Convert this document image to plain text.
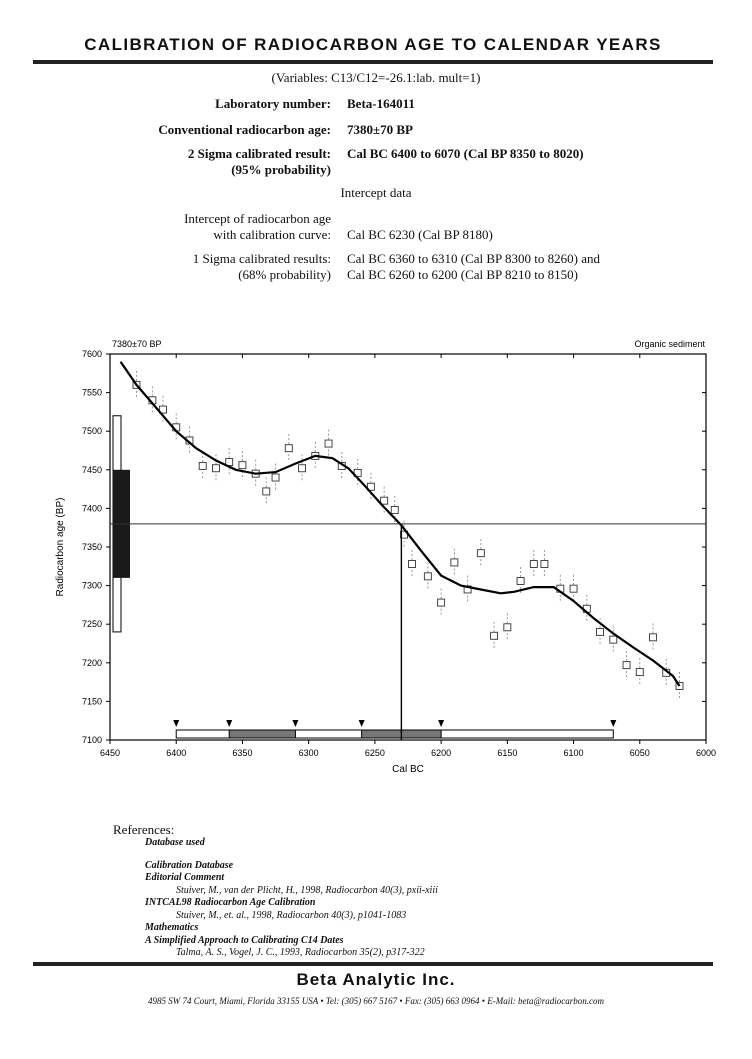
CALIBRATION OF RADIOCARBON AGE TO CALENDAR YEARS
(Variables: C13/C12=-26.1:lab. mult=1)
Laboratory number: Beta-164011
Conventional radiocarbon age: 7380±70 BP
2 Sigma calibrated result: Cal BC 6400 to 6070 (Cal BP 8350 to 8020)
(95% probability)
Intercept data
Intercept of radiocarbon age
with calibration curve: Cal BC 6230 (Cal BP 8180)
1 Sigma calibrated results: Cal BC 6360 to 6310 (Cal BP 8300 to 8260) and
(68% probability) Cal BC 6260 to 6200 (Cal BP 8210 to 8150)
7380±70 BP	Organic sediment
6450	6400	6350	6300	6250	6200	6150	6100	6050	6000
7100
7150
7200
7250
7300
7350
7400
7450
7500
7550
7600
Cal BC
Radiocarbon age (BP)
References:
Database used
Calibration Database
Editorial Comment
Stuiver, M., van der Plicht, H., 1998, Radiocarbon 40(3), pxii-xiii
INTCAL98 Radiocarbon Age Calibration
Stuiver, M., et. al., 1998, Radiocarbon 40(3), p1041-1083
Mathematics
A Simplified Approach to Calibrating C14 Dates
Talma, A. S., Vogel, J. C., 1993, Radiocarbon 35(2), p317-322
Beta Analytic Inc.
4985 SW 74 Court, Miami, Florida 33155 USA • Tel: (305) 667 5167 • Fax: (305) 663 0964 • E-Mail: beta@radiocarbon.com
